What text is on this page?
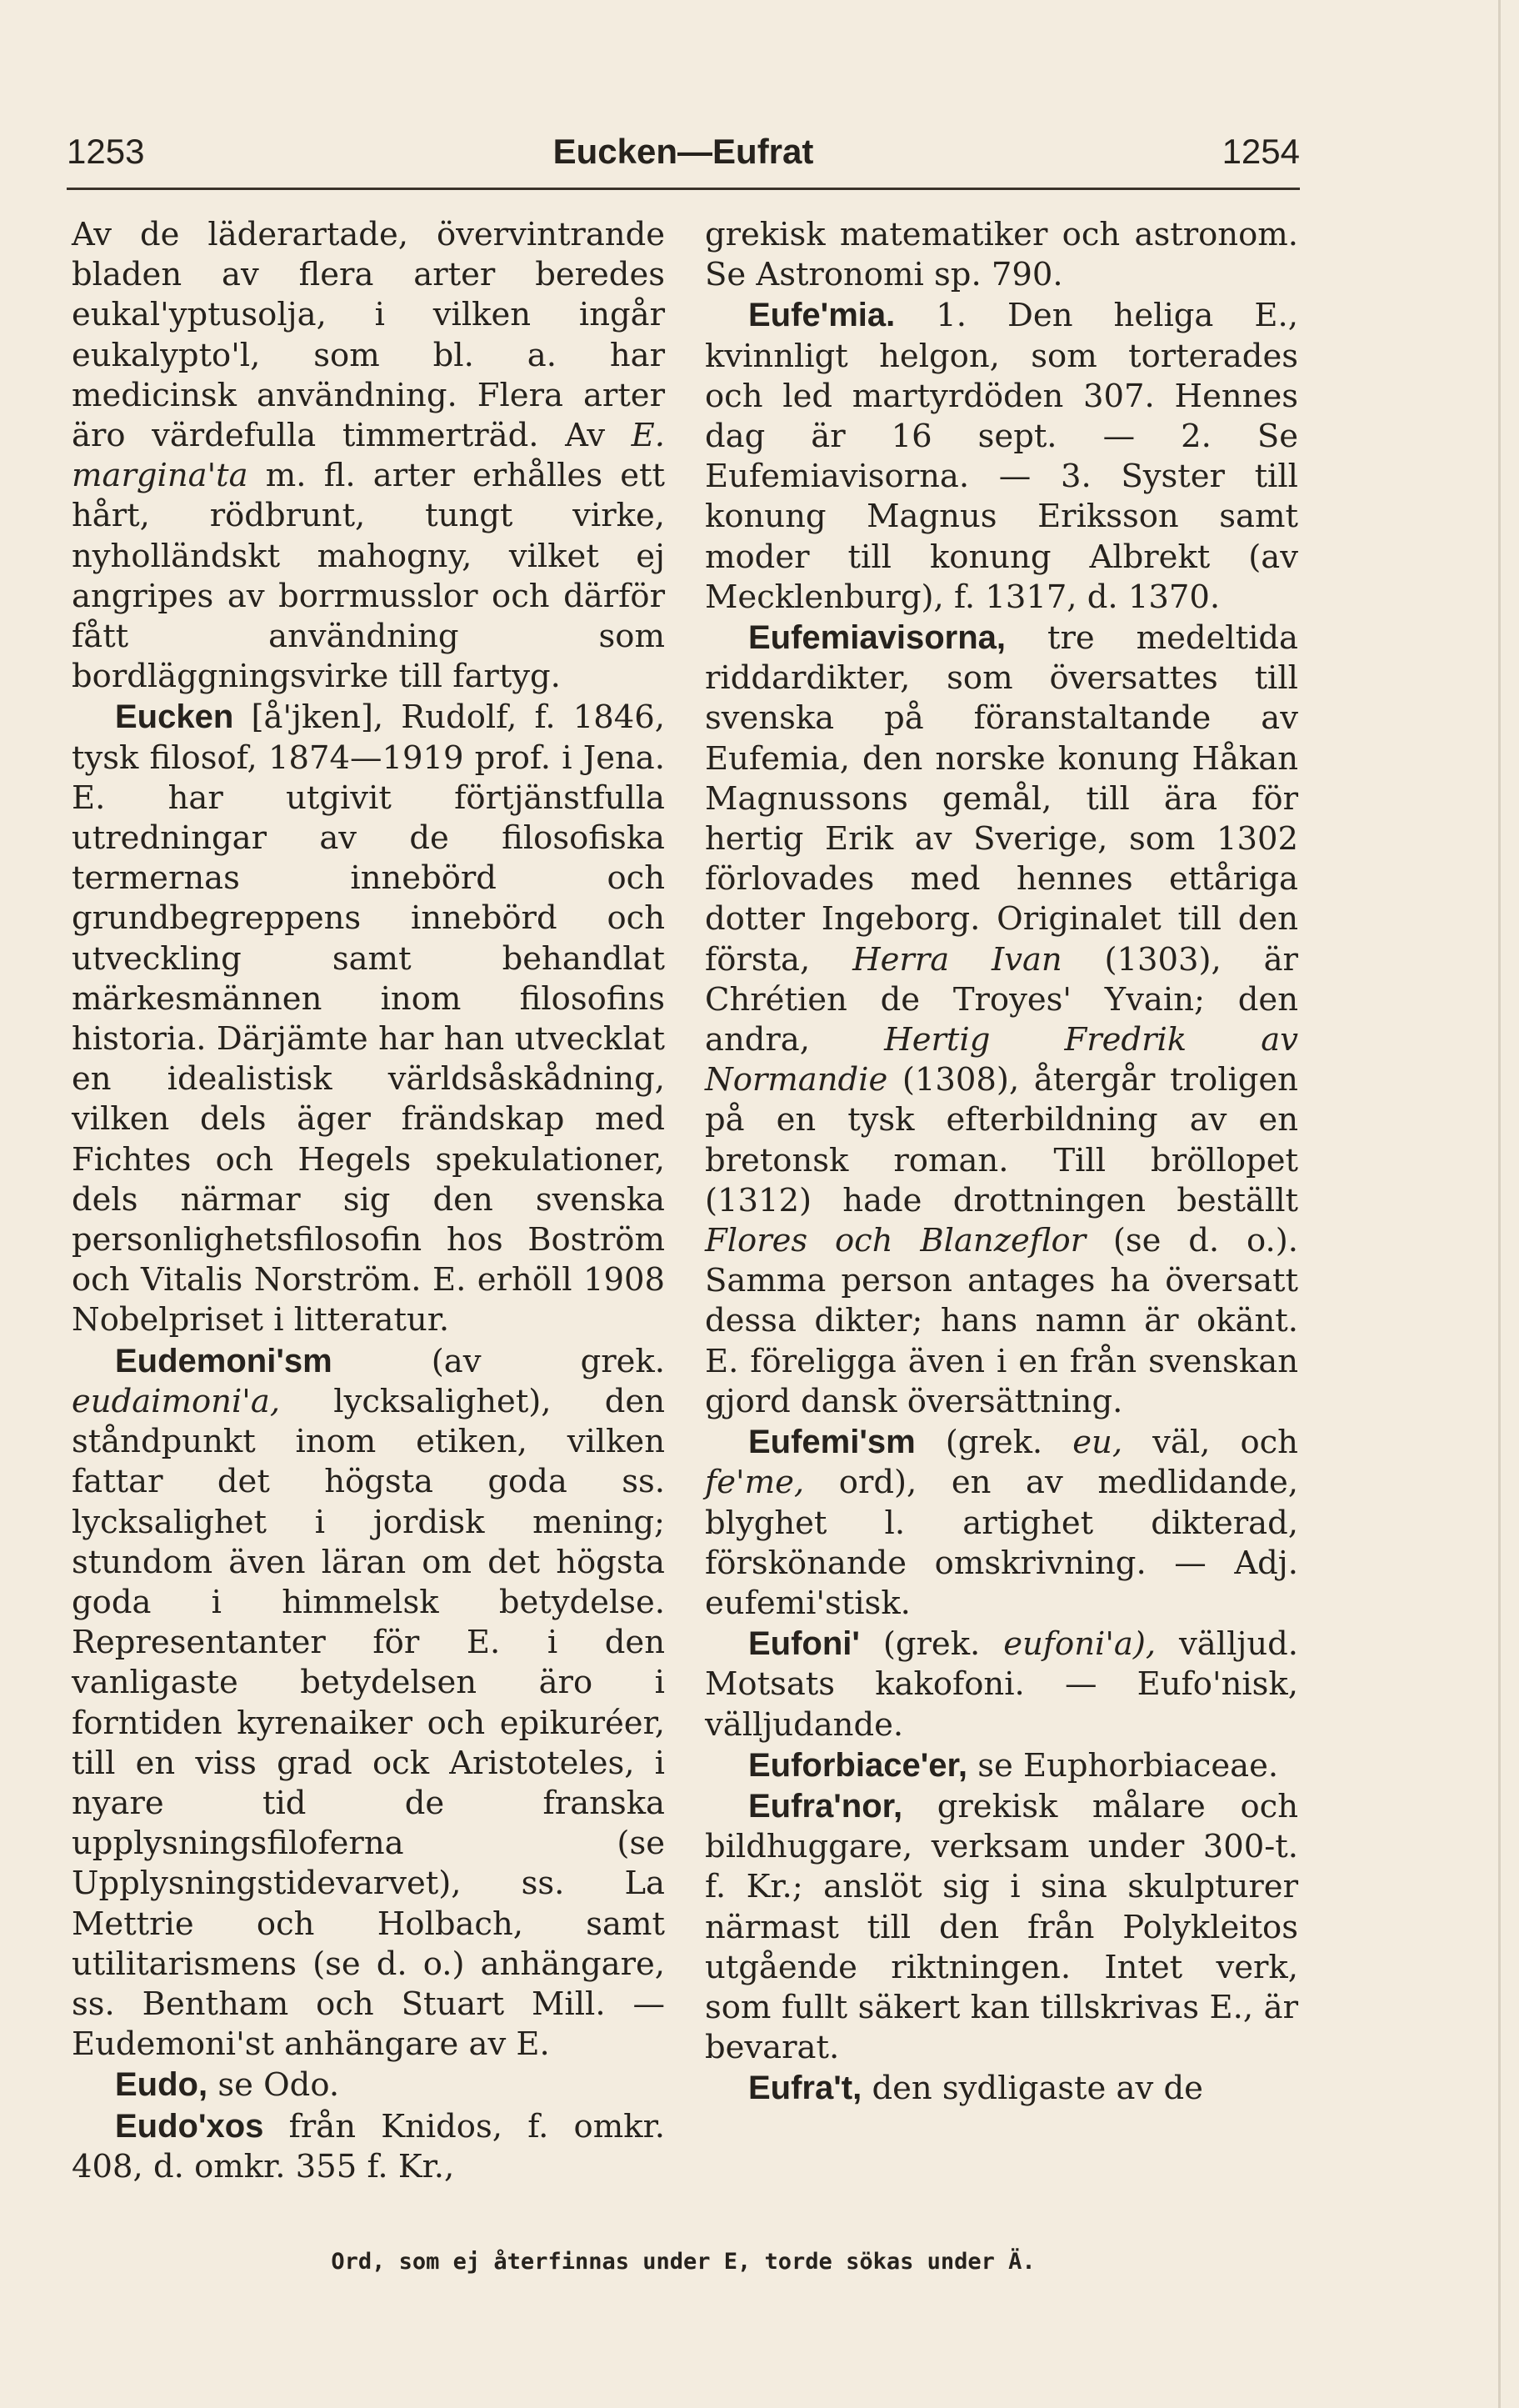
1253	Eucken—Eufrat	1254

Av de läderartade, övervintrande bladen av flera arter beredes eukal'yptusolja, i vilken ingår eukalypto'l, som bl. a. har medicinsk användning. Flera arter äro värdefulla timmerträd. Av E. margina'ta m. fl. arter erhålles ett hårt, rödbrunt, tungt virke, nyholländskt mahogny, vilket ej angripes av borrmusslor och därför fått användning som bordläggningsvirke till fartyg.

Eucken [å'jken], Rudolf, f. 1846, tysk filosof, 1874—1919 prof. i Jena. E. har utgivit förtjänstfulla utredningar av de filosofiska termernas innebörd och grundbegreppens innebörd och utveckling samt behandlat märkesmännen inom filosofins historia. Därjämte har han utvecklat en idealistisk världsåskådning, vilken dels äger frändskap med Fichtes och Hegels spekulationer, dels närmar sig den svenska personlighetsfilosofin hos Boström och Vitalis Norström. E. erhöll 1908 Nobelpriset i litteratur.

Eudemoni'sm	(av grek. eudaimoni'a, lycksalighet), den ståndpunkt inom etiken, vilken fattar det högsta goda ss. lycksalighet i jordisk mening; stundom även läran om det högsta goda i himmelsk betydelse. Representanter för E. i den vanligaste betydelsen äro i forntiden kyrenaiker och epikuréer, till en viss grad ock Aristoteles, i nyare tid de franska upplysningsfiloferna (se Upplysningstidevarvet), ss. La Mettrie och Holbach, samt utilitarismens (se d. o.) anhängare, ss. Bentham och Stuart Mill. — Eudemoni'st anhängare av E.

Eudo, se Odo.

Eudo'xos från Knidos, f. omkr. 408, d. omkr. 355 f. Kr.,

grekisk matematiker och astronom. Se Astronomi sp. 790.

Eufe'mia. 1. Den heliga E., kvinnligt helgon, som torterades och led martyrdöden 307. Hennes dag är 16 sept. — 2. Se Eufemiavisorna. — 3. Syster till konung Magnus Eriksson samt moder till konung Albrekt (av Mecklenburg), f. 1317, d. 1370.

Eufemiavisorna, tre medeltida riddardikter, som översattes till svenska på föranstaltande av Eufemia, den norske konung Håkan Magnussons gemål, till ära för hertig Erik av Sverige, som 1302 förlovades med hennes ettåriga dotter Ingeborg. Originalet till den första, Herra Ivan (1303), är Chrétien de Troyes' Yvain; den andra, Hertig Fredrik av Normandie (1308), återgår troligen på en tysk efterbildning av en bretonsk roman. Till bröllopet (1312) hade drottningen beställt Flores och Blanzeflor (se d. o.). Samma person antages ha översatt dessa dikter; hans namn är okänt. E. föreligga även i en från svenskan gjord dansk översättning.

Eufemi'sm (grek. eu, väl, och fe'me, ord), en av medlidande, blyghet l. artighet dikterad, förskönande omskrivning. — Adj. eufemi'stisk.

Eufoni' (grek. eufoni'a), välljud. Motsats kakofoni. — Eufo'nisk, välljudande.

Euforbiace'er, se Euphorbiaceae.

Eufra'nor, grekisk målare och bildhuggare, verksam under 300-t. f. Kr.; anslöt sig i sina skulpturer närmast till den från Polykleitos utgående riktningen. Intet verk, som fullt säkert kan tillskrivas E., är bevarat.

Eufra't, den sydligaste av de

Ord, som ej återfinnas under E, torde sökas under Ä.
